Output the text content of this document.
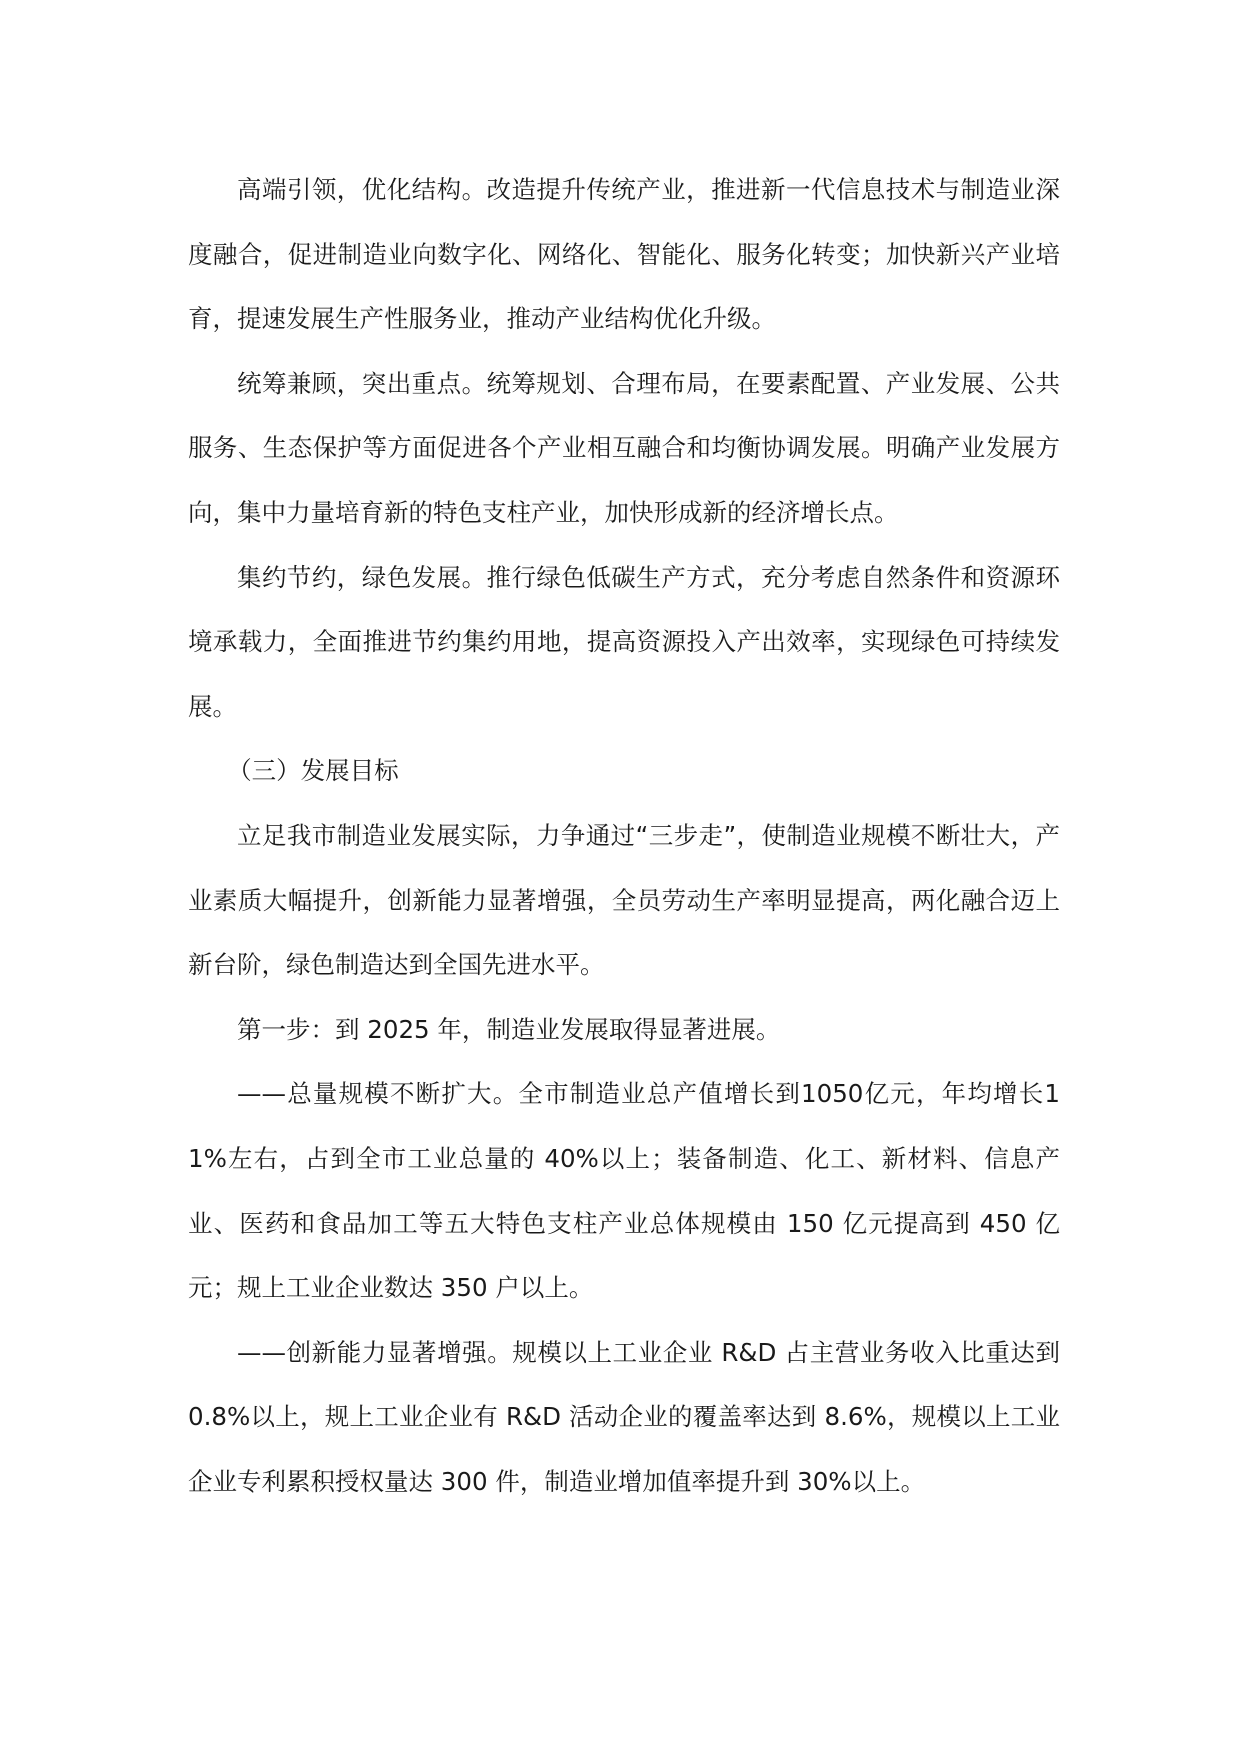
高端引领，优化结构。改造提升传统产业，推进新一代信息技术与制造业深度融合，促进制造业向数字化、网络化、智能化、服务化转变；加快新兴产业培育，提速发展生产性服务业，推动产业结构优化升级。

统筹兼顾，突出重点。统筹规划、合理布局，在要素配置、产业发展、公共服务、生态保护等方面促进各个产业相互融合和均衡协调发展。明确产业发展方向，集中力量培育新的特色支柱产业，加快形成新的经济增长点。

集约节约，绿色发展。推行绿色低碳生产方式，充分考虑自然条件和资源环境承载力，全面推进节约集约用地，提高资源投入产出效率，实现绿色可持续发展。

（三）发展目标

立足我市制造业发展实际，力争通过“三步走”，使制造业规模不断壮大，产业素质大幅提升，创新能力显著增强，全员劳动生产率明显提高，两化融合迈上新台阶，绿色制造达到全国先进水平。

第一步：到 2025 年，制造业发展取得显著进展。

——总量规模不断扩大。全市制造业总产值增长到1050亿元，年均增长11%左右，占到全市工业总量的 40%以上；装备制造、化工、新材料、信息产业、医药和食品加工等五大特色支柱产业总体规模由 150 亿元提高到 450 亿元；规上工业企业数达 350 户以上。

——创新能力显著增强。规模以上工业企业 R&D 占主营业务收入比重达到 0.8%以上，规上工业企业有 R&D 活动企业的覆盖率达到 8.6%，规模以上工业企业专利累积授权量达 300 件，制造业增加值率提升到 30%以上。
